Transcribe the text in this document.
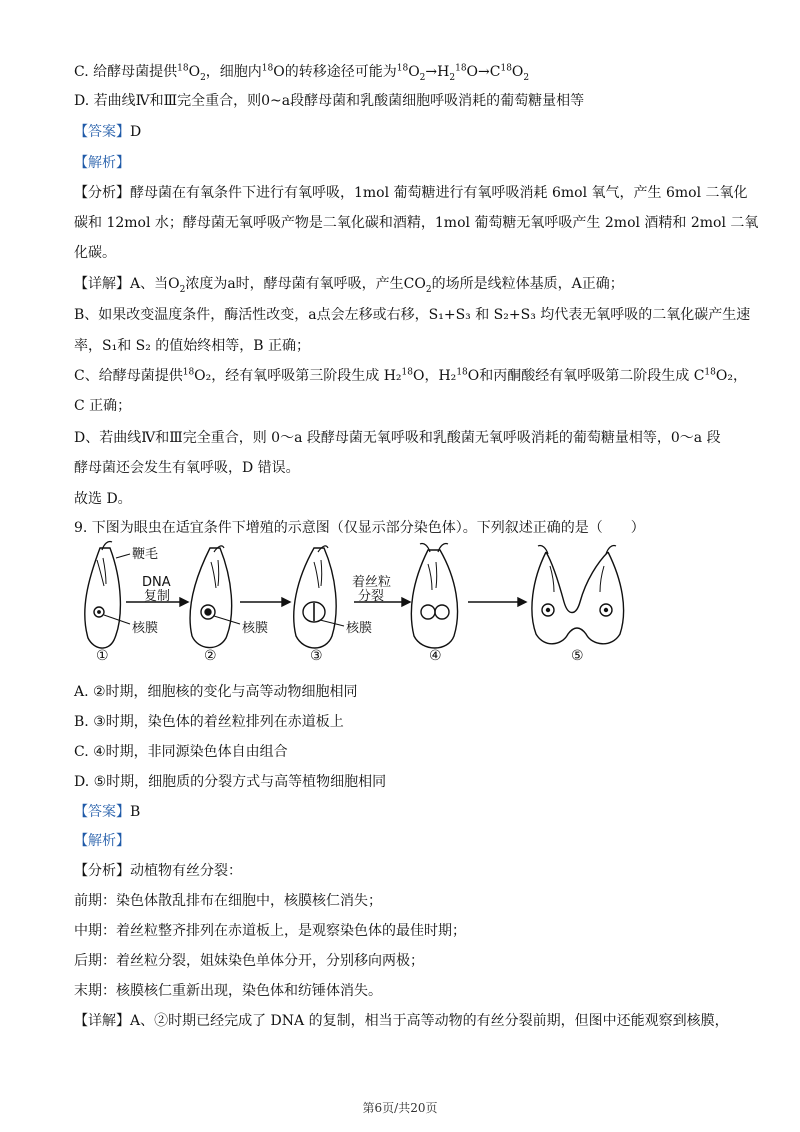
C. 给酵母菌提供$^{18}O_2$，细胞内$^{18}$O的转移途径可能为$^{18}O_2\to H_2^{18}O\to C^{18}O_2$
D. 若曲线Ⅳ和Ⅲ完全重合，则0~a段酵母菌和乳酸菌细胞呼吸消耗的葡萄糖量相等
【答案】D
【解析】
【分析】酵母菌在有氧条件下进行有氧呼吸，1mol 葡萄糖进行有氧呼吸消耗 6mol 氧气，产生 6mol 二氧化
碳和 12mol 水；酵母菌无氧呼吸产物是二氧化碳和酒精，1mol 葡萄糖无氧呼吸产生 2mol 酒精和 2mol 二氧
化碳。
【详解】A、当$O_2$浓度为a时，酵母菌有氧呼吸，产生$CO_2$的场所是线粒体基质，A正确；
B、如果改变温度条件，酶活性改变，a点会左移或右移，S₁+S₃ 和 S₂+S₃ 均代表无氧呼吸的二氧化碳产生速
率，S₁和 S₂ 的值始终相等，B 正确；
C、给酵母菌提供$^{18}$O₂，经有氧呼吸第三阶段生成 H₂$^{18}$O，H₂$^{18}$O和丙酮酸经有氧呼吸第二阶段生成 $C^{18}O_2$，
C 正确；
D、若曲线Ⅳ和Ⅲ完全重合，则 0～a 段酵母菌无氧呼吸和乳酸菌无氧呼吸消耗的葡萄糖量相等，0～a 段
酵母菌还会发生有氧呼吸，D 错误。
故选 D。
9. 下图为眼虫在适宜条件下增殖的示意图（仅显示部分染色体）。下列叙述正确的是（　　）
鞭毛
DNA
复制
核膜	核膜
着丝粒
分裂
核膜
①	②	③	④	⑤
A. ②时期，细胞核的变化与高等动物细胞相同
B. ③时期，染色体的着丝粒排列在赤道板上
C. ④时期，非同源染色体自由组合
D. ⑤时期，细胞质的分裂方式与高等植物细胞相同
【答案】B
【解析】
【分析】动植物有丝分裂：
前期：染色体散乱排布在细胞中，核膜核仁消失；
中期：着丝粒整齐排列在赤道板上，是观察染色体的最佳时期；
后期：着丝粒分裂，姐妹染色单体分开，分别移向两极；
末期：核膜核仁重新出现，染色体和纺锤体消失。
【详解】A、②时期已经完成了 DNA 的复制，相当于高等动物的有丝分裂前期，但图中还能观察到核膜，
第6页/共20页
